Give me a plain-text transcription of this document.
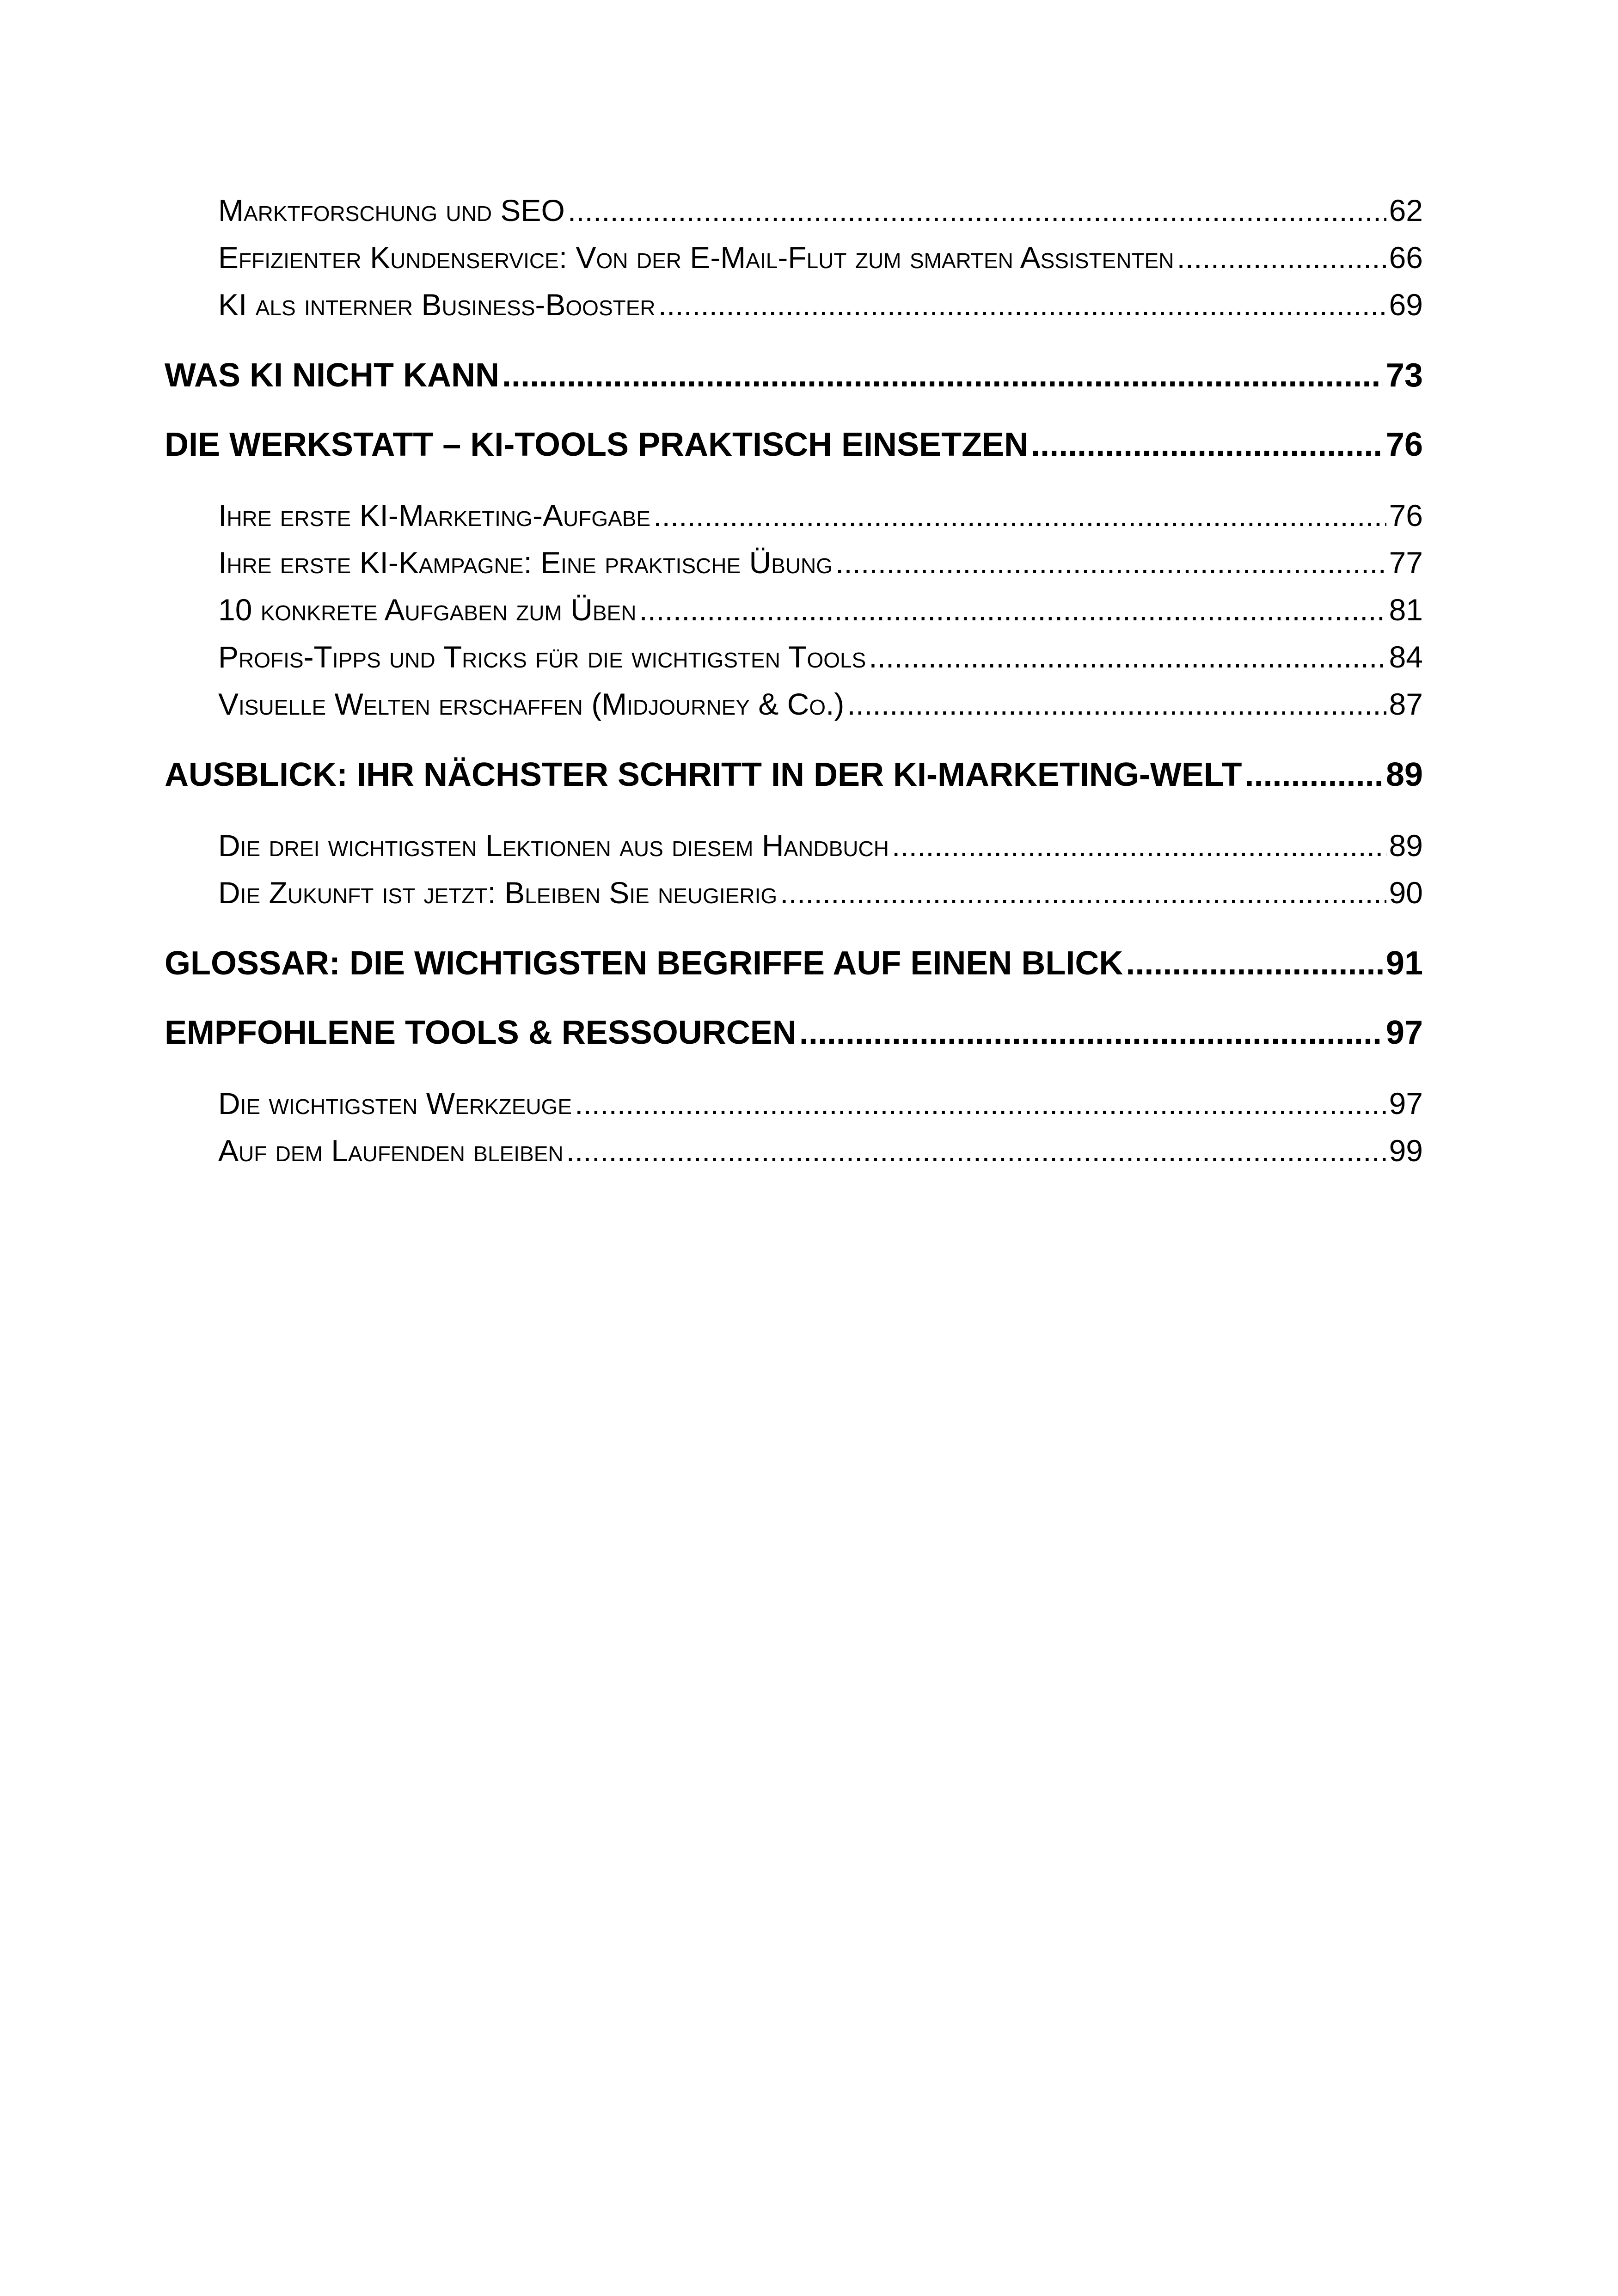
Marktforschung und SEO .....	62
Effizienter Kundenservice: Von der E-Mail-Flut zum smarten Assistenten .....	66
KI als interner Business-Booster .....	69
WAS KI NICHT KANN .....	73
DIE WERKSTATT – KI-TOOLS PRAKTISCH EINSETZEN .....	76
Ihre erste KI-Marketing-Aufgabe .....	76
Ihre erste KI-Kampagne: Eine praktische Übung .....	77
10 konkrete Aufgaben zum Üben .....	81
Profis-Tipps und Tricks für die wichtigsten Tools .....	84
Visuelle Welten erschaffen (Midjourney & Co.) .....	87
AUSBLICK: IHR NÄCHSTER SCHRITT IN DER KI-MARKETING-WELT .....	89
Die drei wichtigsten Lektionen aus diesem Handbuch .....	89
Die Zukunft ist jetzt: Bleiben Sie neugierig .....	90
GLOSSAR: DIE WICHTIGSTEN BEGRIFFE AUF EINEN BLICK .....	91
EMPFOHLENE TOOLS & RESSOURCEN .....	97
Die wichtigsten Werkzeuge .....	97
Auf dem Laufenden bleiben .....	99
